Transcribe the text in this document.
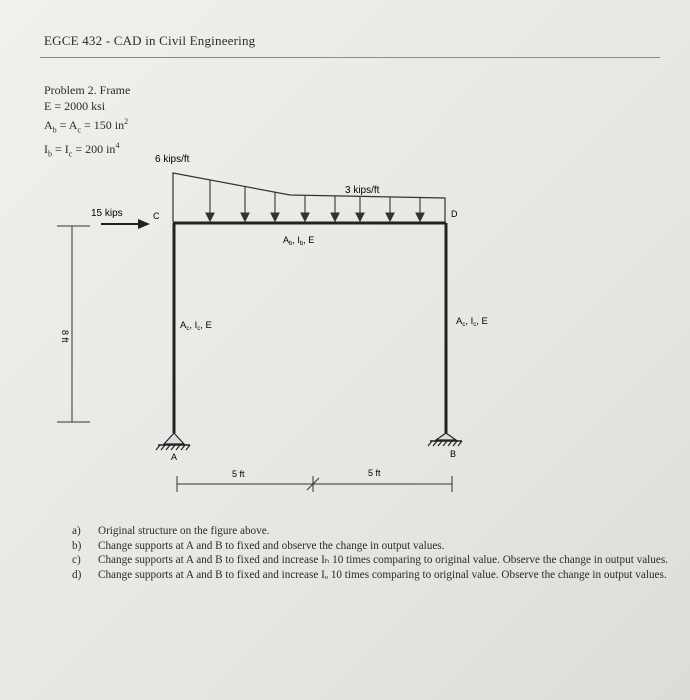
EGCE 432 - CAD in Civil Engineering
Problem 2. Frame
E = 2000 ksi
$A_b = A_c = 150$ $in^2$
$I_b = I_c = 200$ $in^4$
6 kips/ft
3 kips/ft
15 kips	C	D
A	B
$A_b$, $I_b$, E
$A_c$, $I_c$, E	$A_c$, $I_c$, E
8 ft
5 ft	5 ft
a) Original structure on the figure above.
b) Change supports at A and B to fixed and observe the change in output values.
c) Change supports at A and B to fixed and increase Iₕ 10 times comparing to original value. Observe the change in output values.
d) Change supports at A and B to fixed and increase Iₒ 10 times comparing to original value. Observe the change in output values.
